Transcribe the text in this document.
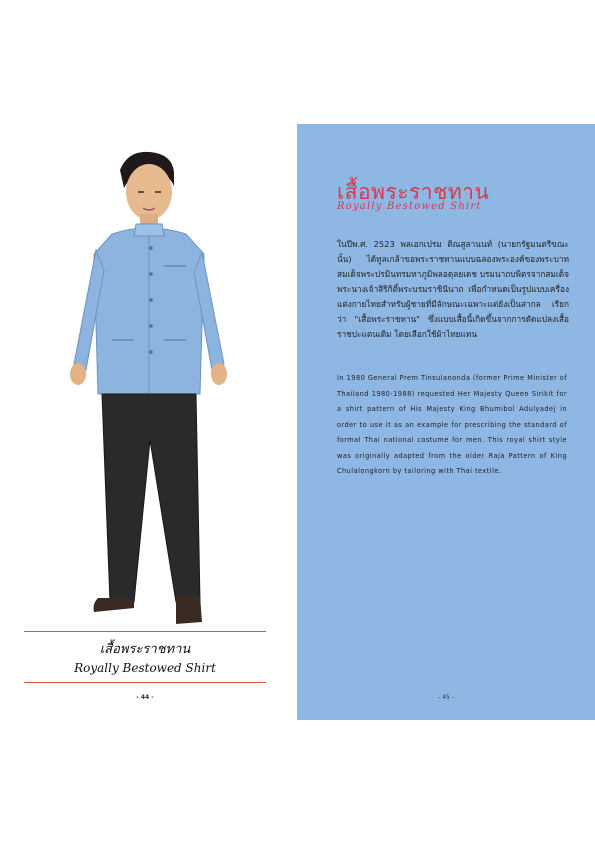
เสื้อพระราชทาน
Royally Bestowed Shirt
- 44 -
เสื้อพระราชทาน
Royally Bestowed Shirt
ในปีพ.ศ. 2523 พลเอกเปรม ติณสูลานนท์ (นายกรัฐมนตรีขณะนั้น) ได้ทูลเกล้าขอพระราชทานแบบฉลองพระองค์ของพระบาทสมเด็จพระปรมินทรมหาภูมิพลอดุลยเดช บรมนาถบพิตรจากสมเด็จพระนางเจ้าสิริกิติ์พระบรมราชินีนาถ เพื่อกำหนดเป็นรูปแบบเครื่องแต่งกายไทยสำหรับผู้ชายที่มีลักษณะเฉพาะแต่ยังเป็นสากล เรียกว่า "เสื้อพระราชทาน" ซึ่งแบบเสื้อนี้เกิดขึ้นจากการดัดแปลงเสื้อราชปะแตนเดิม โดยเลือกใช้ผ้าไทยแทน
In 1980 General Prem Tinsulanonda (former Prime Minister of Thailand 1980-1988) requested Her Majesty Queen Sirikit for a shirt pattern of His Majesty King Bhumibol Adulyadej in order to use it as an example for prescribing the standard of formal Thai national costume for men. This royal shirt style was originally adapted from the older Raja Pattern of King Chulalongkorn by tailoring with Thai textile.
- 45 -
